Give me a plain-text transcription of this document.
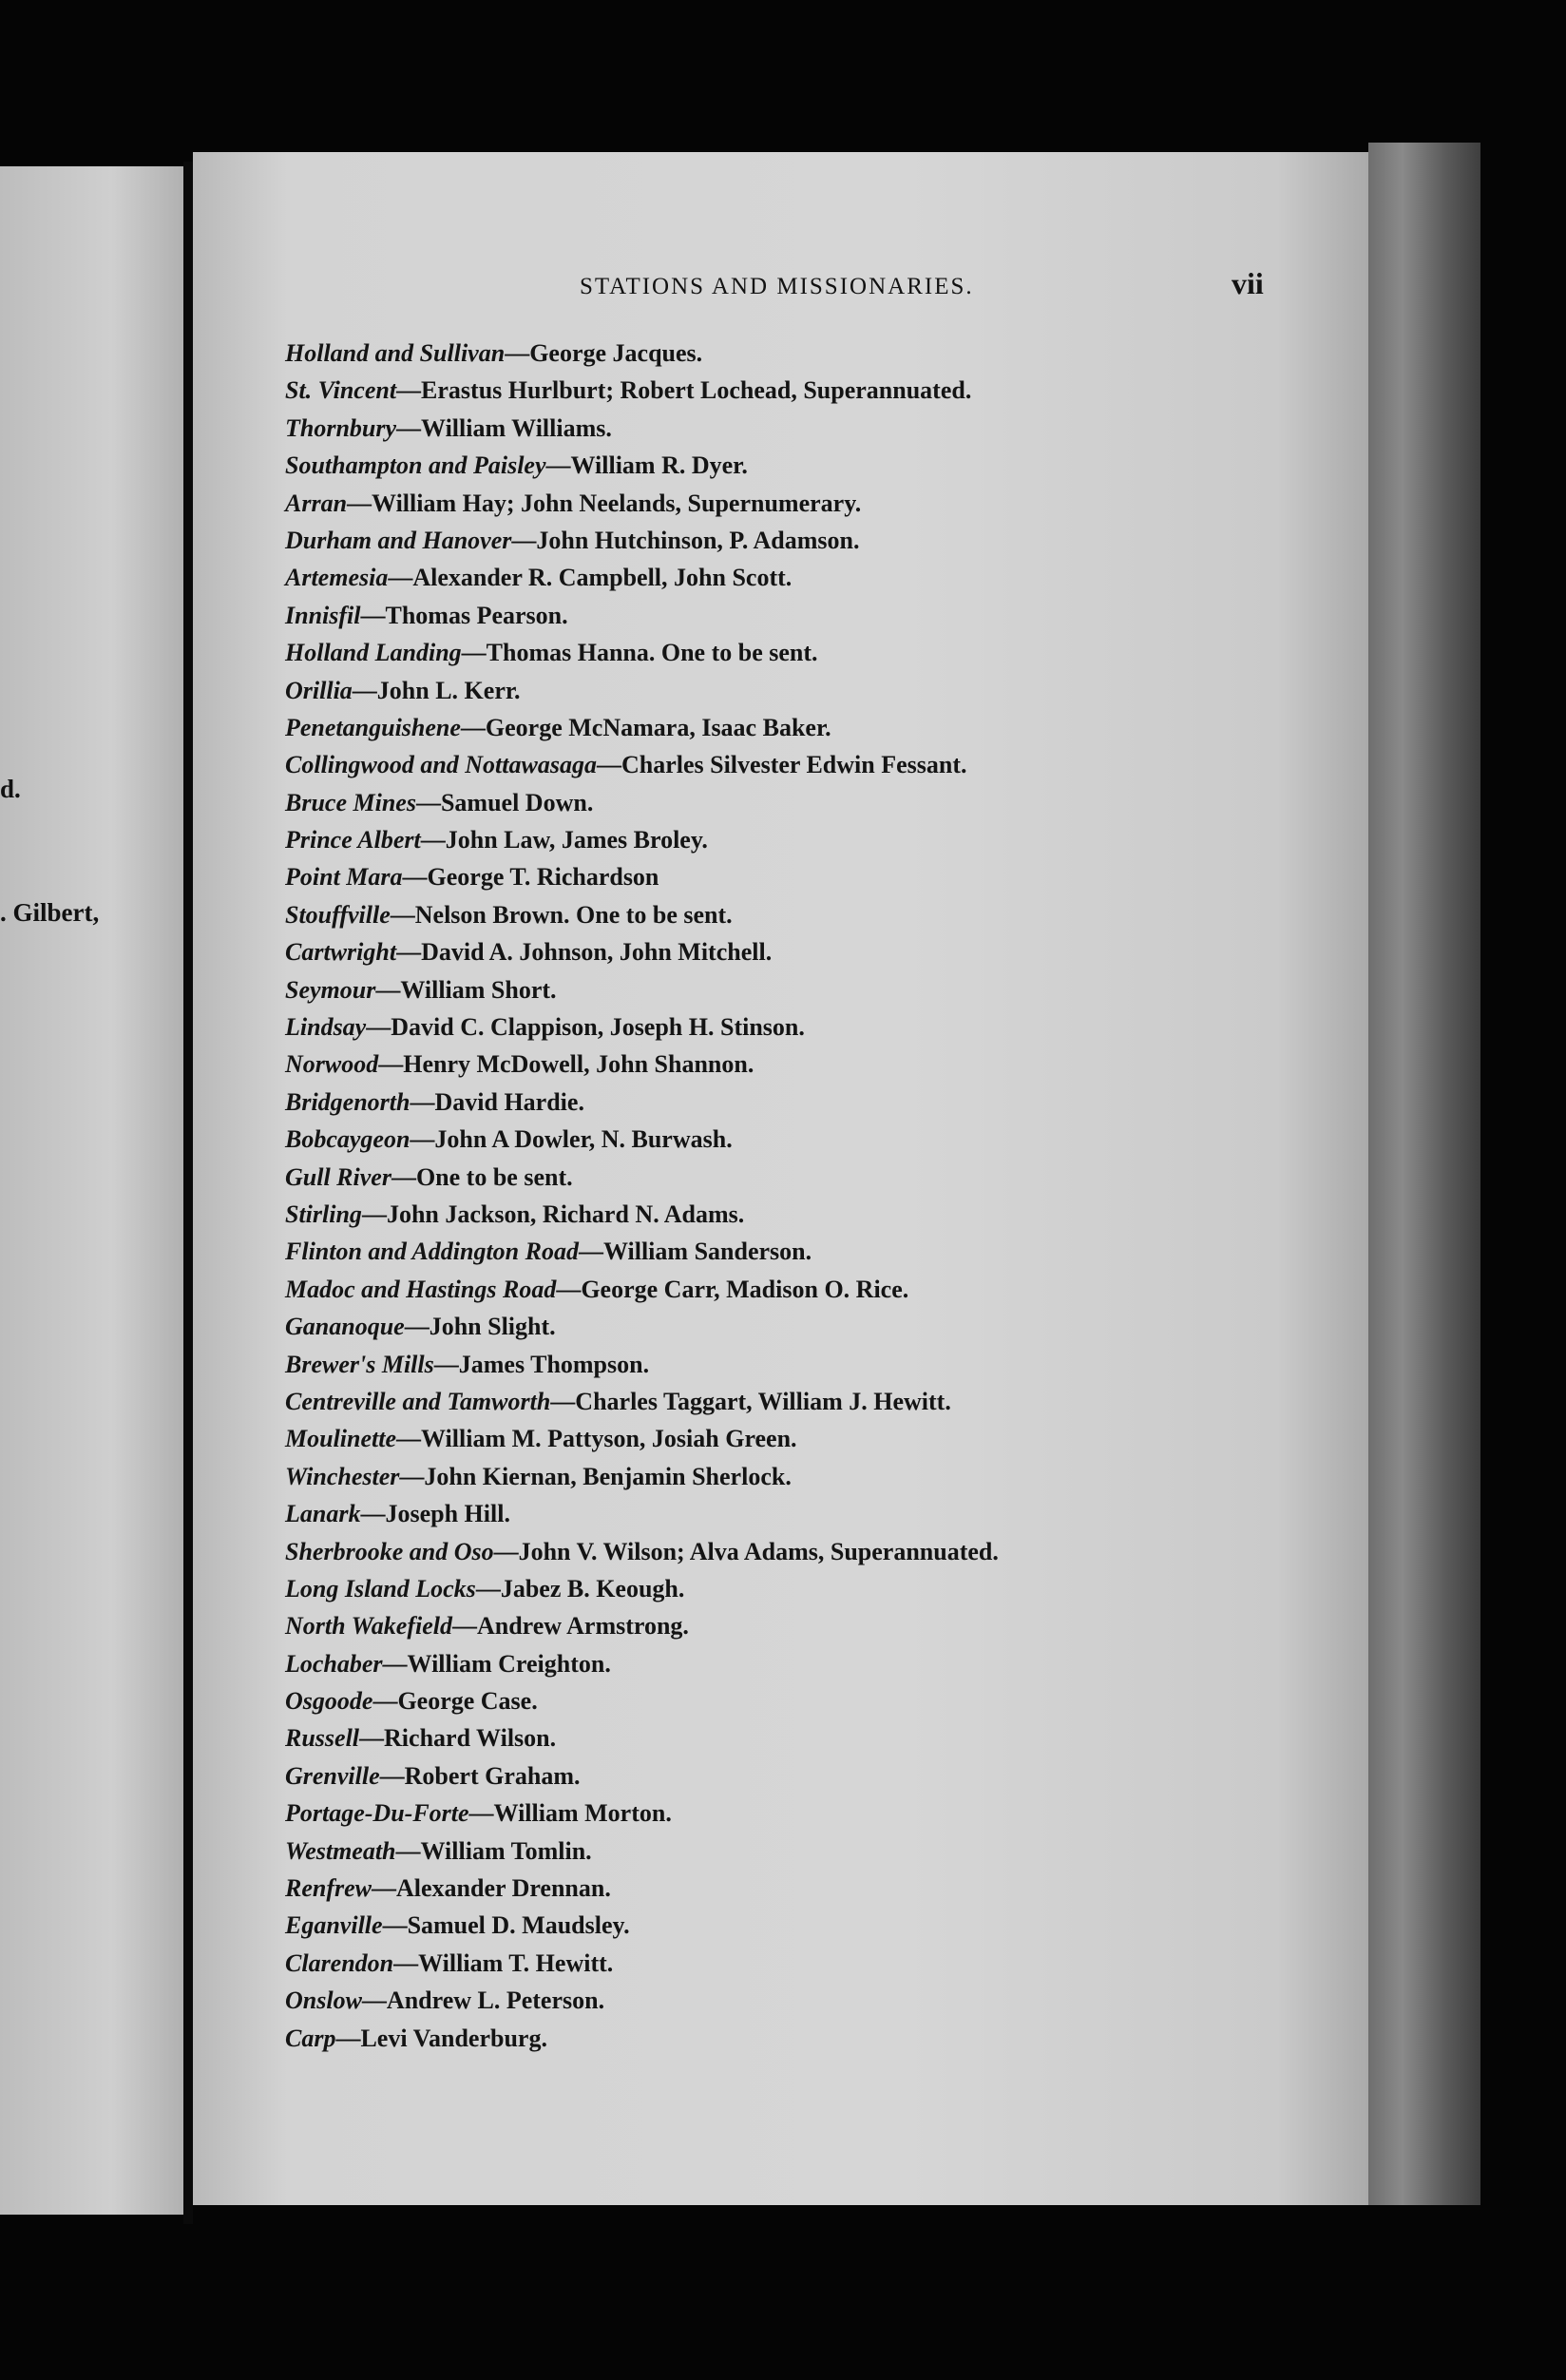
d.
. Gilbert,
STATIONS AND MISSIONARIES.	vii
Holland and Sullivan—George Jacques.
St. Vincent—Erastus Hurlburt; Robert Lochead, Superannuated.
Thornbury—William Williams.
Southampton and Paisley—William R. Dyer.
Arran—William Hay; John Neelands, Supernumerary.
Durham and Hanover—John Hutchinson, P. Adamson.
Artemesia—Alexander R. Campbell, John Scott.
Innisfil—Thomas Pearson.
Holland Landing—Thomas Hanna. One to be sent.
Orillia—John L. Kerr.
Penetanguishene—George McNamara, Isaac Baker.
Collingwood and Nottawasaga—Charles Silvester Edwin Fessant.
Bruce Mines—Samuel Down.
Prince Albert—John Law, James Broley.
Point Mara—George T. Richardson
Stouffville—Nelson Brown. One to be sent.
Cartwright—David A. Johnson, John Mitchell.
Seymour—William Short.
Lindsay—David C. Clappison, Joseph H. Stinson.
Norwood—Henry McDowell, John Shannon.
Bridgenorth—David Hardie.
Bobcaygeon—John A Dowler, N. Burwash.
Gull River—One to be sent.
Stirling—John Jackson, Richard N. Adams.
Flinton and Addington Road—William Sanderson.
Madoc and Hastings Road—George Carr, Madison O. Rice.
Gananoque—John Slight.
Brewer's Mills—James Thompson.
Centreville and Tamworth—Charles Taggart, William J. Hewitt.
Moulinette—William M. Pattyson, Josiah Green.
Winchester—John Kiernan, Benjamin Sherlock.
Lanark—Joseph Hill.
Sherbrooke and Oso—John V. Wilson; Alva Adams, Superannuated.
Long Island Locks—Jabez B. Keough.
North Wakefield—Andrew Armstrong.
Lochaber—William Creighton.
Osgoode—George Case.
Russell—Richard Wilson.
Grenville—Robert Graham.
Portage-Du-Forte—William Morton.
Westmeath—William Tomlin.
Renfrew—Alexander Drennan.
Eganville—Samuel D. Maudsley.
Clarendon—William T. Hewitt.
Onslow—Andrew L. Peterson.
Carp—Levi Vanderburg.
